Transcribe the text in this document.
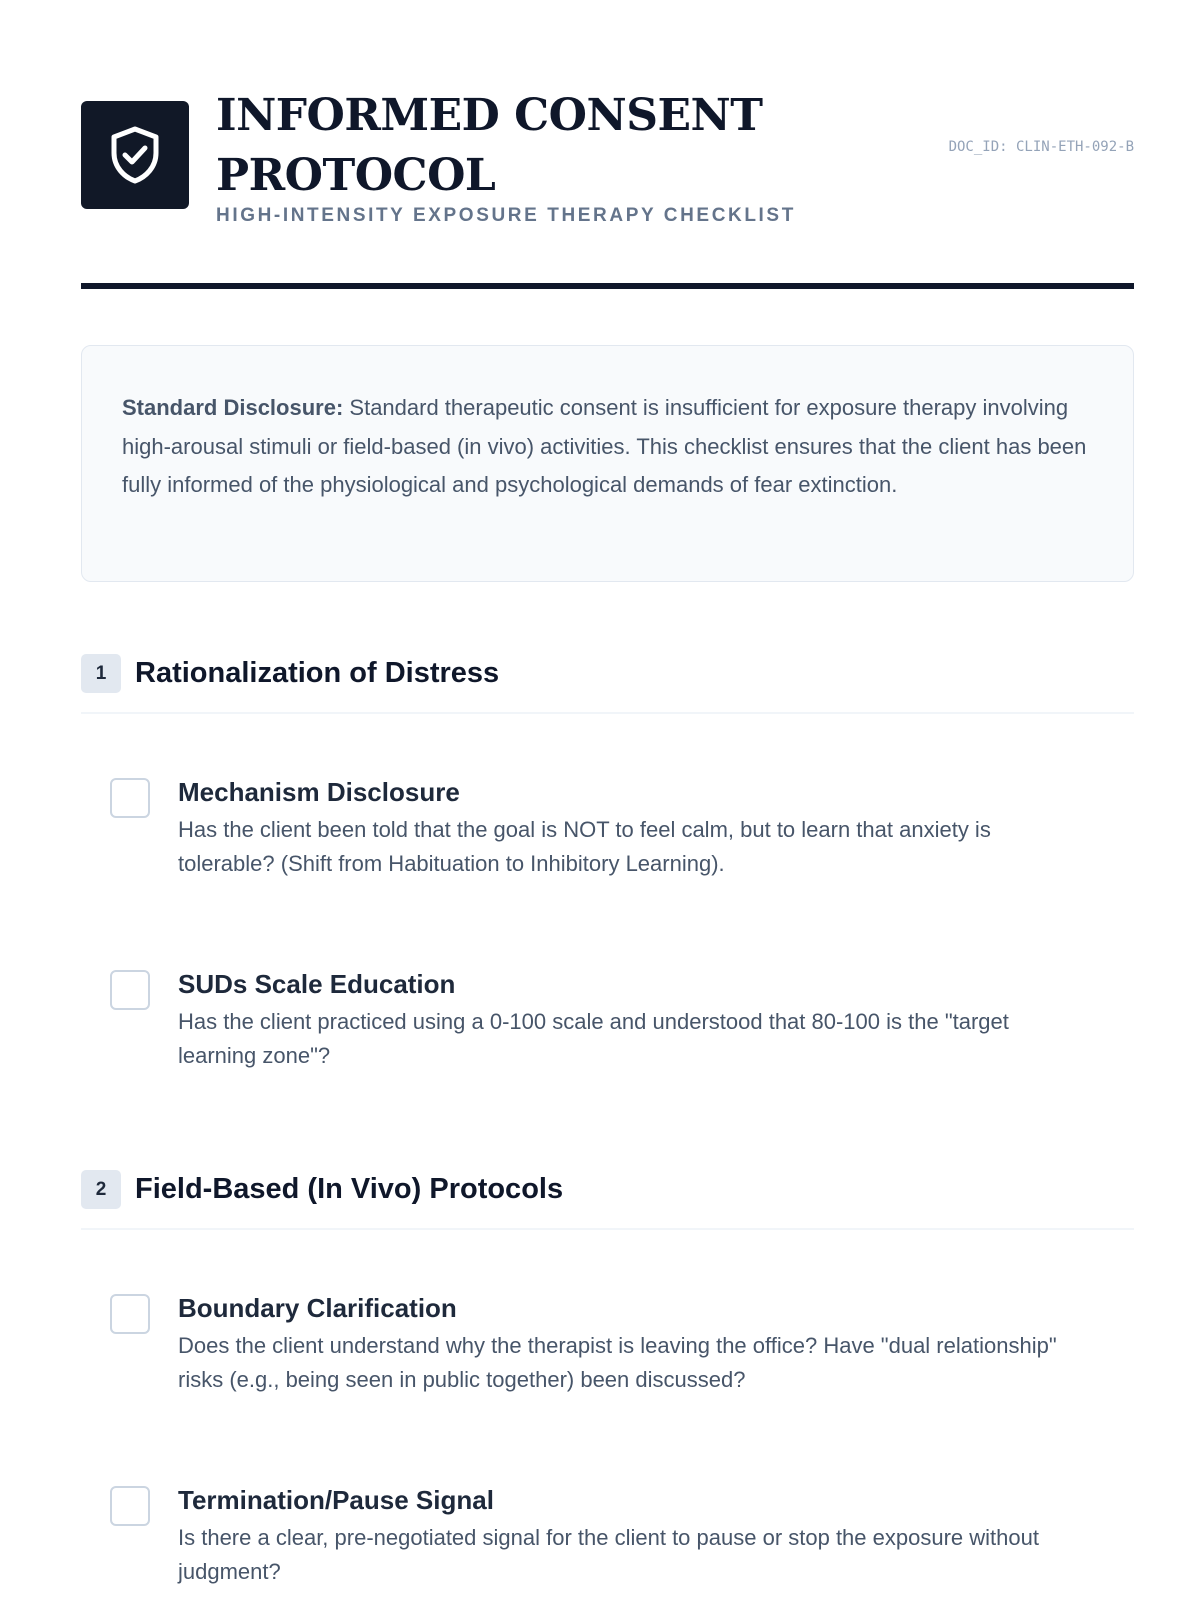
INFORMED CONSENT PROTOCOL
HIGH-INTENSITY EXPOSURE THERAPY CHECKLIST
DOC_ID: CLIN-ETH-092-B
Standard Disclosure: Standard therapeutic consent is insufficient for exposure therapy involving high-arousal stimuli or field-based (in vivo) activities. This checklist ensures that the client has been fully informed of the physiological and psychological demands of fear extinction.
1 Rationalization of Distress
Mechanism Disclosure
Has the client been told that the goal is NOT to feel calm, but to learn that anxiety is tolerable? (Shift from Habituation to Inhibitory Learning).
SUDs Scale Education
Has the client practiced using a 0-100 scale and understood that 80-100 is the "target learning zone"?
2 Field-Based (In Vivo) Protocols
Boundary Clarification
Does the client understand why the therapist is leaving the office? Have "dual relationship" risks (e.g., being seen in public together) been discussed?
Termination/Pause Signal
Is there a clear, pre-negotiated signal for the client to pause or stop the exposure without judgment?
